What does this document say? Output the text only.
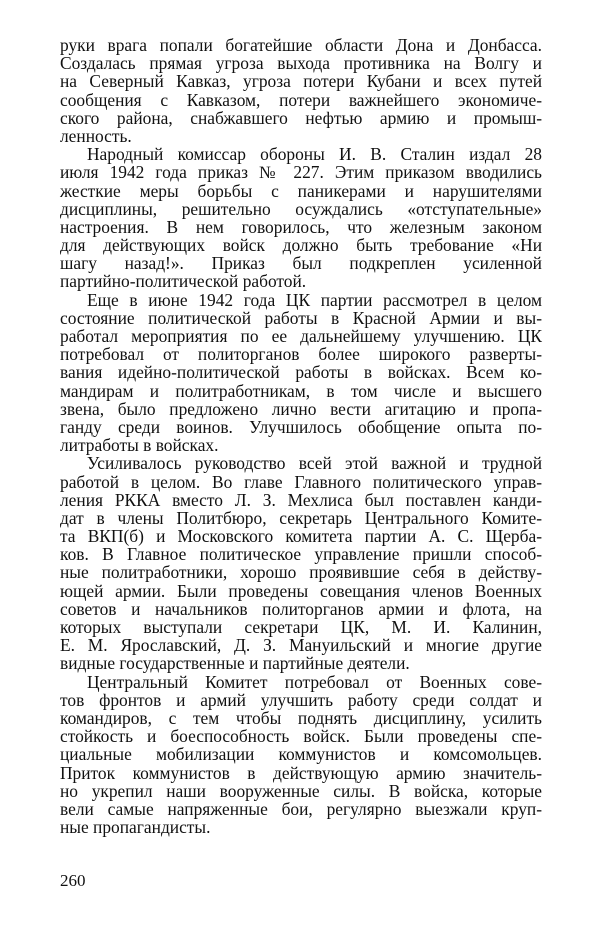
руки врага попали богатейшие области Дона и Донбасса.
Создалась прямая угроза выхода противника на Волгу и
на Северный Кавказ, угроза потери Кубани и всех путей
сообщения с Кавказом, потери важнейшего экономиче-
ского района, снабжавшего нефтью армию и промыш-
ленность.
Народный комиссар обороны И. В. Сталин издал 28
июля 1942 года приказ № 227. Этим приказом вводились
жесткие меры борьбы с паникерами и нарушителями
дисциплины, решительно осуждались «отступательные»
настроения. В нем говорилось, что железным законом
для действующих войск должно быть требование «Ни
шагу назад!». Приказ был подкреплен усиленной
партийно-политической работой.
Еще в июне 1942 года ЦК партии рассмотрел в целом
состояние политической работы в Красной Армии и вы-
работал мероприятия по ее дальнейшему улучшению. ЦК
потребовал от политорганов более широкого разверты-
вания идейно-политической работы в войсках. Всем ко-
мандирам и политработникам, в том числе и высшего
звена, было предложено лично вести агитацию и пропа-
ганду среди воинов. Улучшилось обобщение опыта по-
литработы в войсках.
Усиливалось руководство всей этой важной и трудной
работой в целом. Во главе Главного политического управ-
ления РККА вместо Л. З. Мехлиса был поставлен канди-
дат в члены Политбюро, секретарь Центрального Комите-
та ВКП(б) и Московского комитета партии А. С. Щерба-
ков. В Главное политическое управление пришли способ-
ные политработники, хорошо проявившие себя в действу-
ющей армии. Были проведены совещания членов Военных
советов и начальников политорганов армии и флота, на
которых выступали секретари ЦК, М. И. Калинин,
Е. М. Ярославский, Д. З. Мануильский и многие другие
видные государственные и партийные деятели.
Центральный Комитет потребовал от Военных сове-
тов фронтов и армий улучшить работу среди солдат и
командиров, с тем чтобы поднять дисциплину, усилить
стойкость и боеспособность войск. Были проведены спе-
циальные мобилизации коммунистов и комсомольцев.
Приток коммунистов в действующую армию значитель-
но укрепил наши вооруженные силы. В войска, которые
вели самые напряженные бои, регулярно выезжали круп-
ные пропагандисты.
260
